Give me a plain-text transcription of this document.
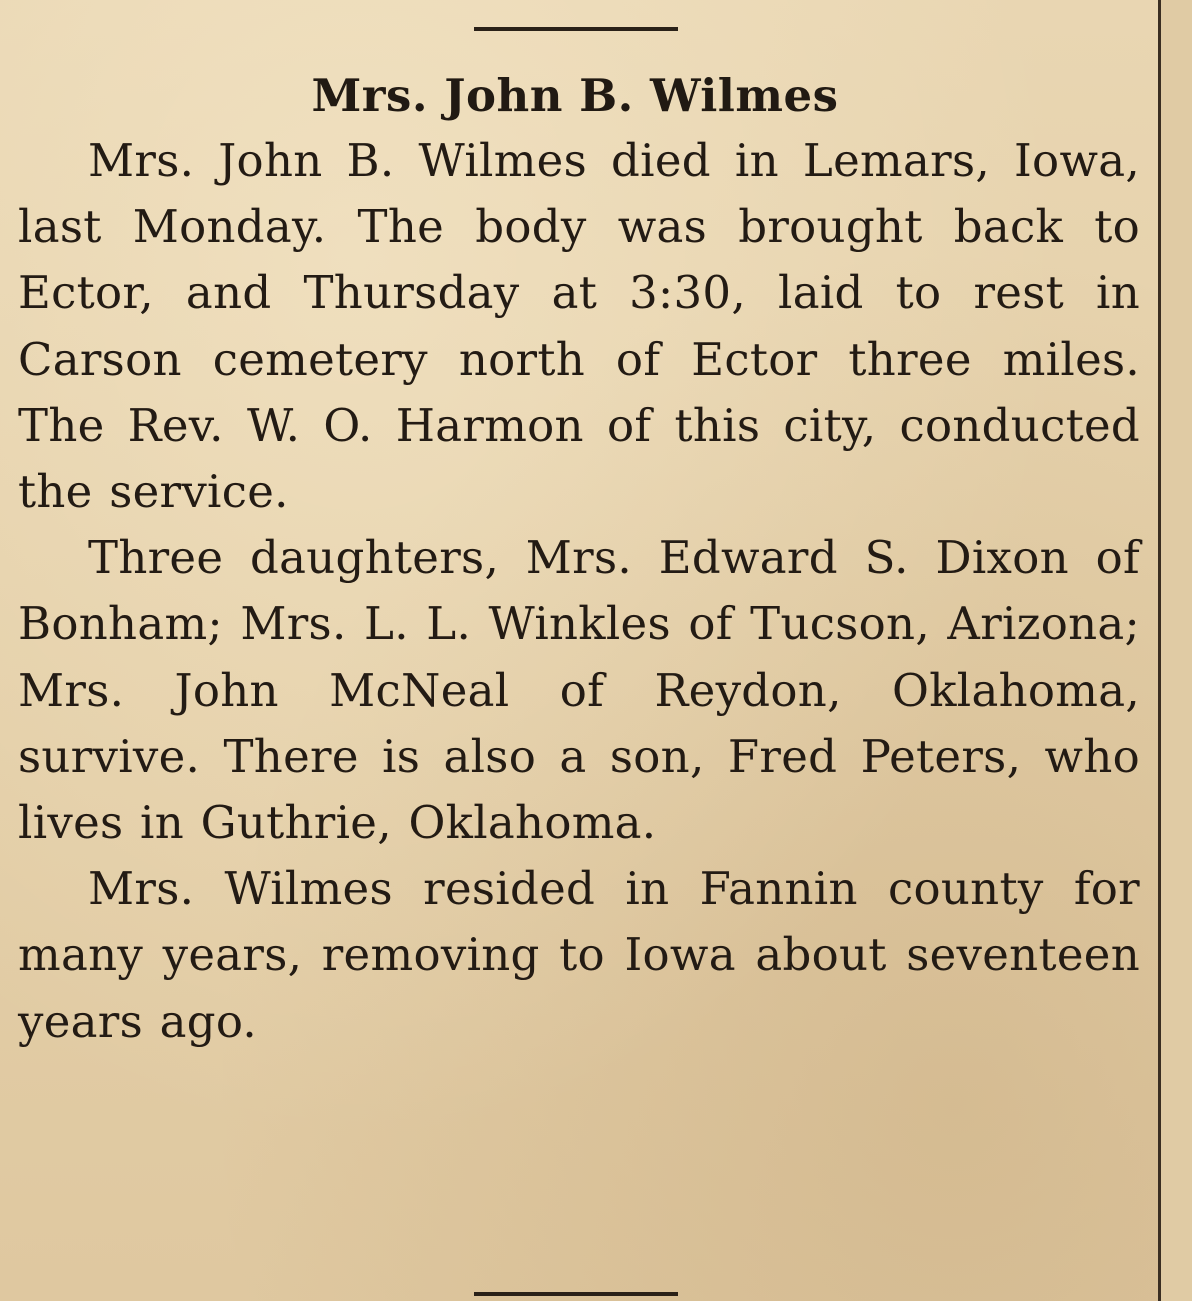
Mrs. John B. Wilmes

Mrs. John B. Wilmes died in Lemars, Iowa, last Monday. The body was brought back to Ector, and Thursday at 3:30, laid to rest in Carson cemetery north of Ector three miles. The Rev. W. O. Harmon of this city, conducted the service.

Three daughters, Mrs. Edward S. Dixon of Bonham; Mrs. L. L. Winkles of Tucson, Arizona; Mrs. John McNeal of Reydon, Oklahoma, survive. There is also a son, Fred Peters, who lives in Guthrie, Oklahoma.

Mrs. Wilmes resided in Fannin county for many years, removing to Iowa about seventeen years ago.
